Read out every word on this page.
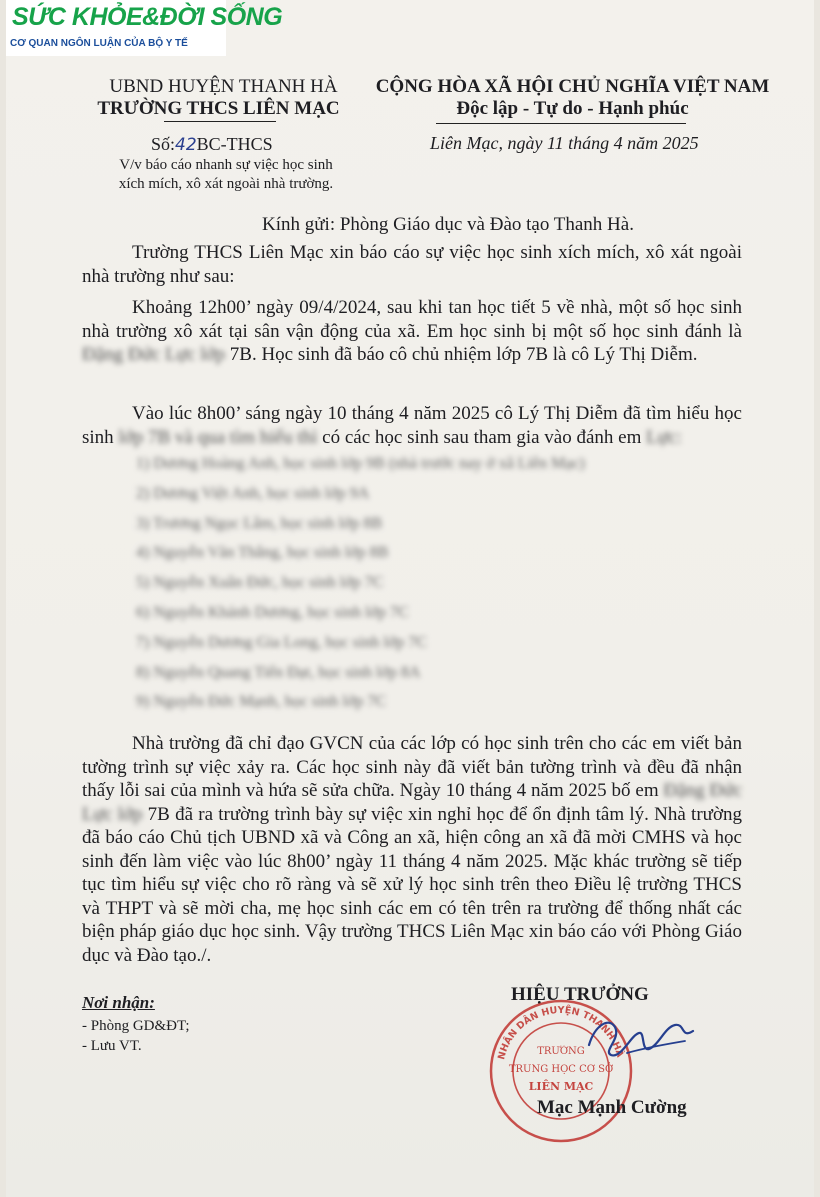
SỨC KHỎE&ĐỜI SỐNG
CƠ QUAN NGÔN LUẬN CỦA BỘ Y TẾ
UBND HUYỆN THANH HÀ
TRƯỜNG THCS LIÊN MẠC
CỘNG HÒA XÃ HỘI CHỦ NGHĨA VIỆT NAM
Độc lập - Tự do - Hạnh phúc
Số:42BC-THCS
V/v báo cáo nhanh sự việc học sinh
xích mích, xô xát ngoài nhà trường.
Liên Mạc, ngày 11 tháng 4 năm 2025
Kính gửi: Phòng Giáo dục và Đào tạo Thanh Hà.
Trường THCS Liên Mạc xin báo cáo sự việc học sinh xích mích, xô xát ngoài nhà trường như sau:
Khoảng 12h00’ ngày 09/4/2024, sau khi tan học tiết 5 về nhà, một số học sinh nhà trường xô xát tại sân vận động của xã. Em học sinh bị một số học sinh đánh là Đặng Đức Lực lớp 7B. Học sinh đã báo cô chủ nhiệm lớp 7B là cô Lý Thị Diễm.
Vào lúc 8h00’ sáng ngày 10 tháng 4 năm 2025 cô Lý Thị Diễm đã tìm hiểu học sinh lớp 7B và qua tìm hiểu thì có các học sinh sau tham gia vào đánh em Lực:
1) Dương Hoàng Anh, học sinh lớp 9B (nhà trước nay ở xã Liên Mạc)
2) Dương Việt Anh, học sinh lớp 9A
3) Trương Ngọc Lâm, học sinh lớp 8B
4) Nguyễn Văn Thắng, học sinh lớp 8B
5) Nguyễn Xuân Đức, học sinh lớp 7C
6) Nguyễn Khánh Dương, học sinh lớp 7C
7) Nguyễn Dương Gia Long, học sinh lớp 7C
8) Nguyễn Quang Tiến Đạt, học sinh lớp 8A
9) Nguyễn Đức Mạnh, học sinh lớp 7C
Nhà trường đã chỉ đạo GVCN của các lớp có học sinh trên cho các em viết bản tường trình sự việc xảy ra. Các học sinh này đã viết bản tường trình và đều đã nhận thấy lỗi sai của mình và hứa sẽ sửa chữa. Ngày 10 tháng 4 năm 2025 bố em Đặng Đức Lực lớp 7B đã ra trường trình bày sự việc xin nghỉ học để ổn định tâm lý. Nhà trường đã báo cáo Chủ tịch UBND xã và Công an xã, hiện công an xã đã mời CMHS và học sinh đến làm việc vào lúc 8h00’ ngày 11 tháng 4 năm 2025. Mặc khác trường sẽ tiếp tục tìm hiểu sự việc cho rõ ràng và sẽ xử lý học sinh trên theo Điều lệ trường THCS và THPT và sẽ mời cha, mẹ học sinh các em có tên trên ra trường để thống nhất các biện pháp giáo dục học sinh. Vậy trường THCS Liên Mạc xin báo cáo với Phòng Giáo dục và Đào tạo./.
Nơi nhận:
- Phòng GD&ĐT;
- Lưu VT.
HIỆU TRƯỞNG
NHÂN DÂN HUYỆN THANH HÀ
TRƯỜNG
TRUNG HỌC CƠ SỞ
LIÊN MẠC
Mạc Mạnh Cường
